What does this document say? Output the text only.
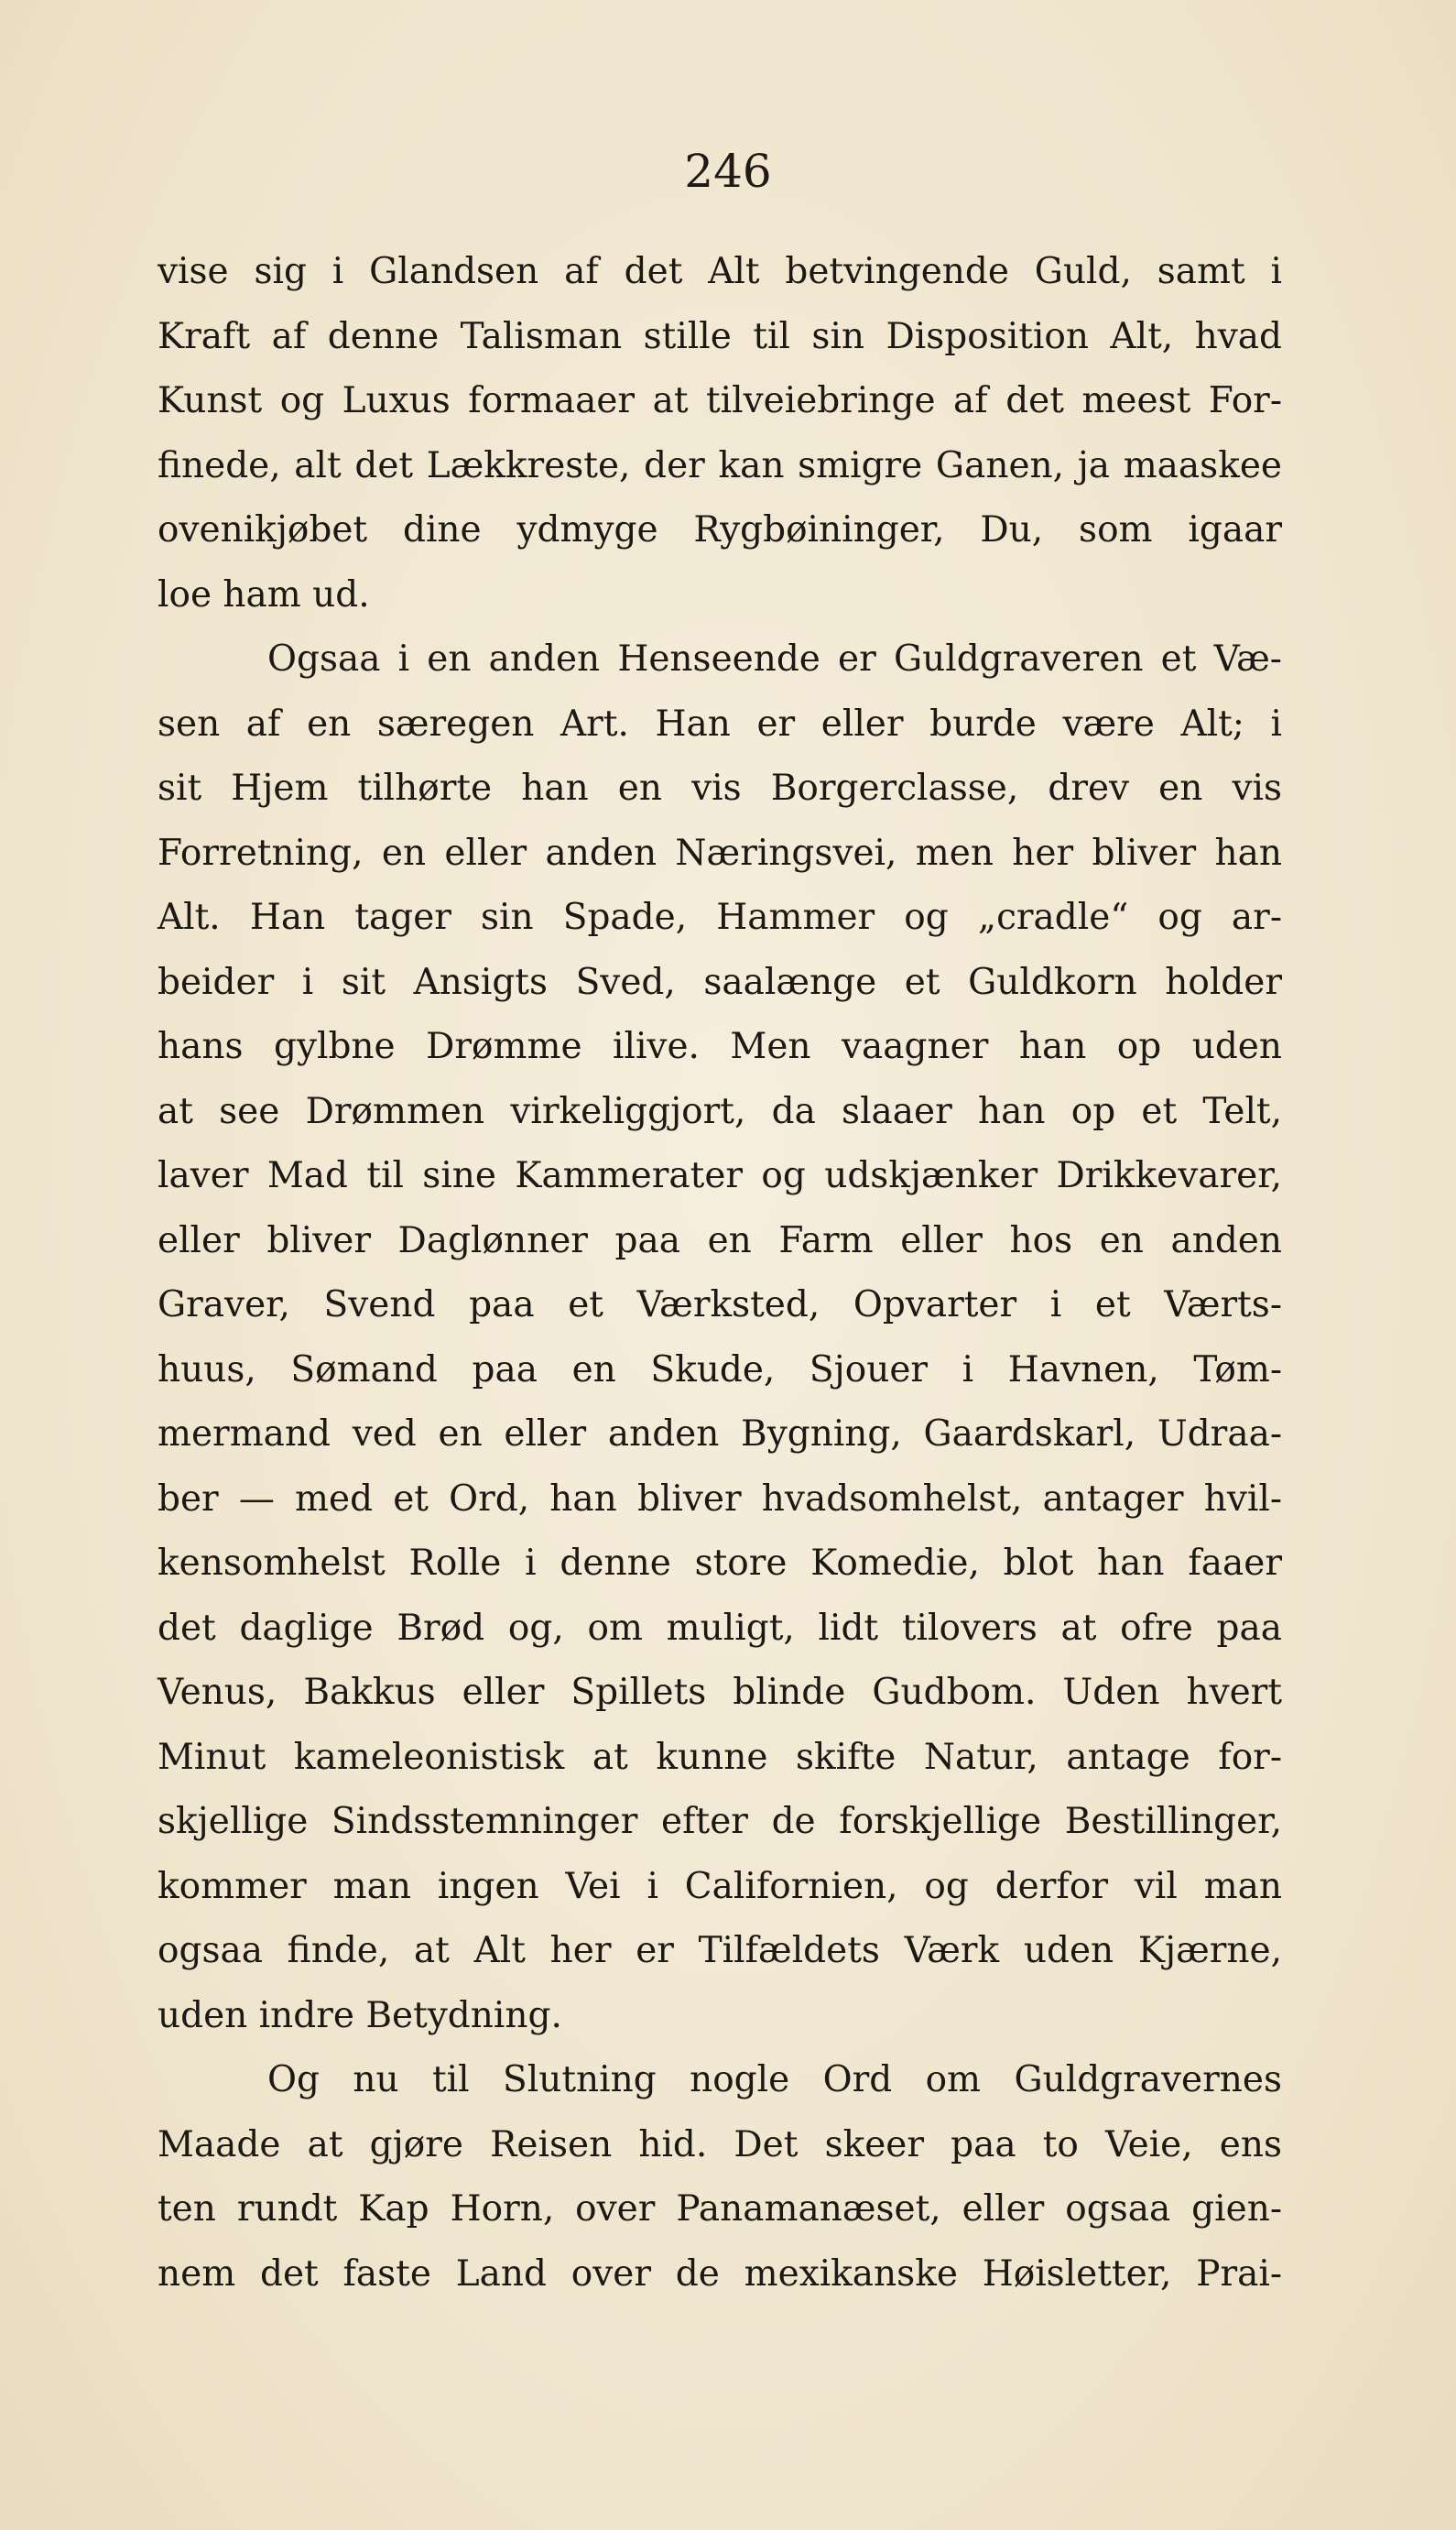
246
vise sig i Glandsen af det Alt betvingende Guld, samt i
Kraft af denne Talisman stille til sin Disposition Alt, hvad
Kunst og Luxus formaaer at tilveiebringe af det meest For-
finede, alt det Lækkreste, der kan smigre Ganen, ja maaskee
ovenikjøbet dine ydmyge Rygbøininger, Du, som igaar
loe ham ud.
Ogsaa i en anden Henseende er Guldgraveren et Væ-
sen af en særegen Art. Han er eller burde være Alt; i
sit Hjem tilhørte han en vis Borgerclasse, drev en vis
Forretning, en eller anden Næringsvei, men her bliver han
Alt. Han tager sin Spade, Hammer og „cradle“ og ar-
beider i sit Ansigts Sved, saalænge et Guldkorn holder
hans gylbne Drømme ilive. Men vaagner han op uden
at see Drømmen virkeliggjort, da slaaer han op et Telt,
laver Mad til sine Kammerater og udskjænker Drikkevarer,
eller bliver Daglønner paa en Farm eller hos en anden
Graver, Svend paa et Værksted, Opvarter i et Værts-
huus, Sømand paa en Skude, Sjouer i Havnen, Tøm-
mermand ved en eller anden Bygning, Gaardskarl, Udraa-
ber — med et Ord, han bliver hvadsomhelst, antager hvil-
kensomhelst Rolle i denne store Komedie, blot han faaer
det daglige Brød og, om muligt, lidt tilovers at ofre paa
Venus, Bakkus eller Spillets blinde Gudbom. Uden hvert
Minut kameleonistisk at kunne skifte Natur, antage for-
skjellige Sindsstemninger efter de forskjellige Bestillinger,
kommer man ingen Vei i Californien, og derfor vil man
ogsaa finde, at Alt her er Tilfældets Værk uden Kjærne,
uden indre Betydning.
Og nu til Slutning nogle Ord om Guldgravernes
Maade at gjøre Reisen hid. Det skeer paa to Veie, ens
ten rundt Kap Horn, over Panamanæset, eller ogsaa gien-
nem det faste Land over de mexikanske Høisletter, Prai-
